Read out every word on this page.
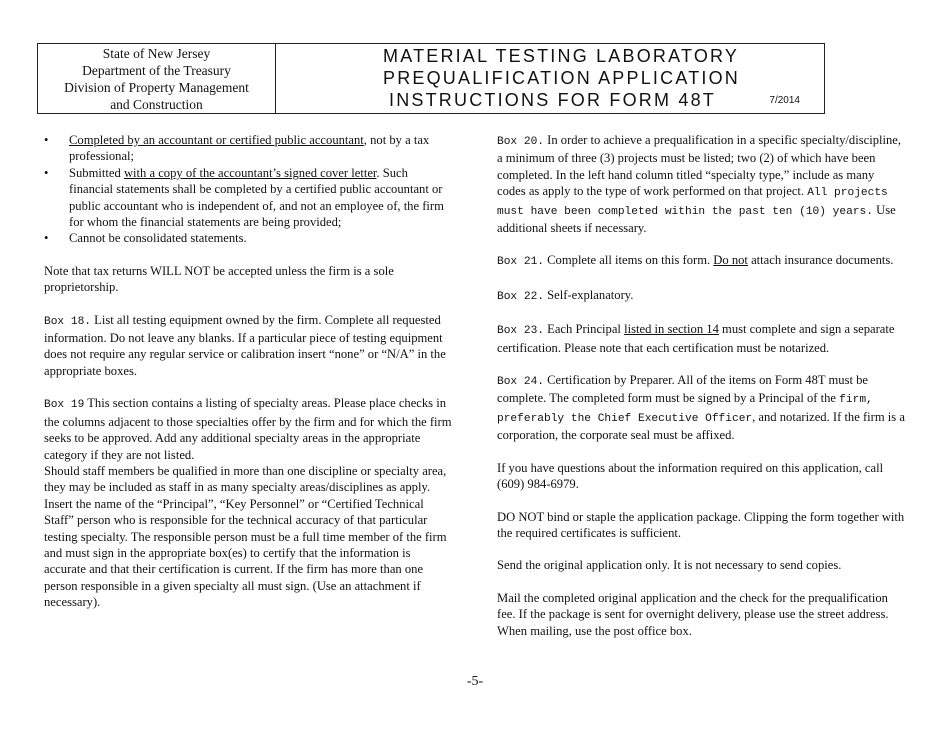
State of New Jersey
Department of the Treasury
Division of Property Management
and Construction
MATERIAL TESTING LABORATORY
PREQUALIFICATION APPLICATION
INSTRUCTIONS FOR FORM 48T	7/2014
• Completed by an accountant or certified public accountant, not by a tax professional;
• Submitted with a copy of the accountant’s signed cover letter. Such financial statements shall be completed by a certified public accountant or public accountant who is independent of, and not an employee of, the firm for whom the financial statements are being provided;
• Cannot be consolidated statements.

Note that tax returns WILL NOT be accepted unless the firm is a sole proprietorship.

Box 18. List all testing equipment owned by the firm. Complete all requested information. Do not leave any blanks. If a particular piece of testing equipment does not require any regular service or calibration insert “none” or “N/A” in the appropriate boxes.

Box 19 This section contains a listing of specialty areas. Please place checks in the columns adjacent to those specialties offer by the firm and for which the firm seeks to be approved. Add any additional specialty areas in the appropriate category if they are not listed.

Should staff members be qualified in more than one discipline or specialty area, they may be included as staff in as many specialty areas/disciplines as apply.

Insert the name of the “Principal”, “Key Personnel” or “Certified Technical Staff” person who is responsible for the technical accuracy of that particular testing specialty. The responsible person must be a full time member of the firm and must sign in the appropriate box(es) to certify that the information is accurate and that their certification is current. If the firm has more than one person responsible in a given specialty all must sign. (Use an attachment if necessary).

Box 20. In order to achieve a prequalification in a specific specialty/discipline, a minimum of three (3) projects must be listed; two (2) of which have been completed. In the left hand column titled “specialty type,” include as many codes as apply to the type of work performed on that project. All projects must have been completed within the past ten (10) years. Use additional sheets if necessary.

Box 21. Complete all items on this form. Do not attach insurance documents.

Box 22. Self-explanatory.

Box 23. Each Principal listed in section 14 must complete and sign a separate certification. Please note that each certification must be notarized.

Box 24. Certification by Preparer. All of the items on Form 48T must be complete. The completed form must be signed by a Principal of the firm, preferably the Chief Executive Officer, and notarized. If the firm is a corporation, the corporate seal must be affixed.

If you have questions about the information required on this application, call (609) 984-6979.

DO NOT bind or staple the application package. Clipping the form together with the required certificates is sufficient.

Send the original application only. It is not necessary to send copies.

Mail the completed original application and the check for the prequalification fee. If the package is sent for overnight delivery, please use the street address. When mailing, use the post office box.

-5-
